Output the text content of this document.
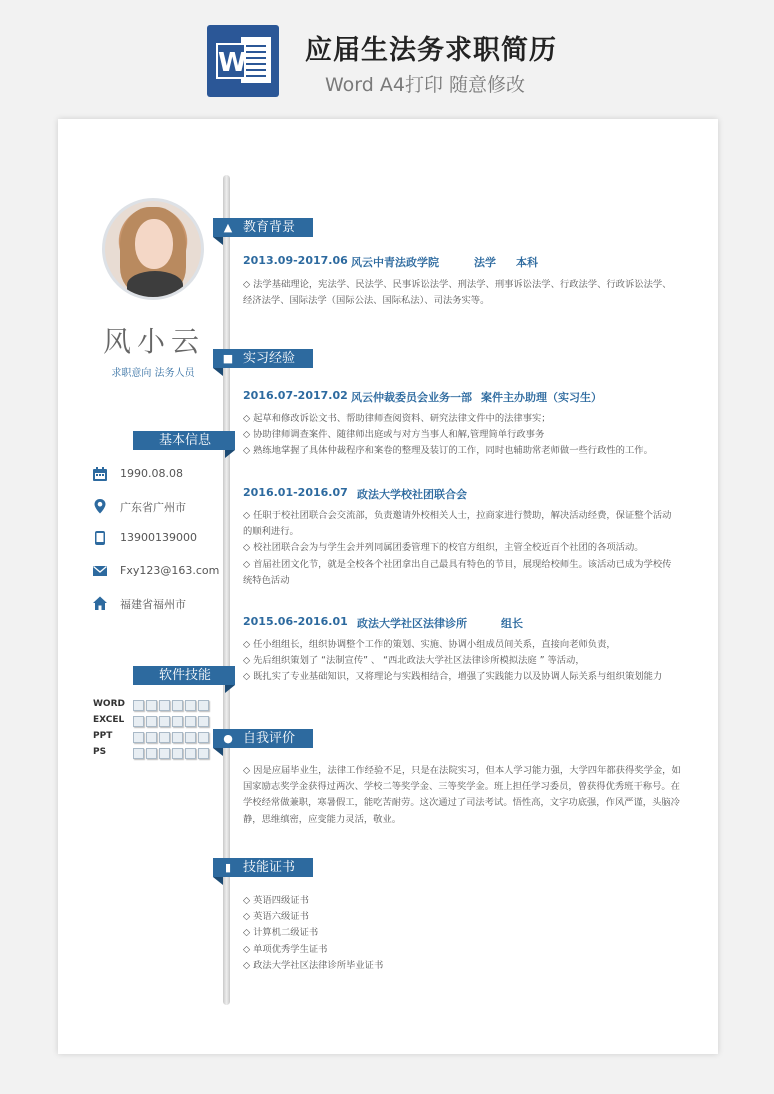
W 应届生法务求职简历
Word A4打印 随意修改
风小云
求职意向 法务人员
基本信息
1990.08.08
广东省广州市
13900139000
Fxy123@163.com
福建省福州市
软件技能
WORD
EXCEL
PPT
PS
▲ 教育背景
2013.09-2017.06 风云中青法政学院	法学 本科

◇ 法学基础理论，宪法学、民法学、民事诉讼法学、刑法学、刑事诉讼法学、行政法学、行政诉讼法学、

经济法学、国际法学（国际公法、国际私法）、司法务实等。

■ 实习经验
2016.07-2017.02 风云仲裁委员会业务一部 案件主办助理（实习生）

◇ 起草和修改诉讼文书、帮助律师查阅资料、研究法律文件中的法律事实；

◇ 协助律师调查案件、随律师出庭或与对方当事人和解,管理简单行政事务

◇ 熟练地掌握了具体仲裁程序和案卷的整理及装订的工作，同时也辅助常老师做一些行政性的工作。

2016.01-2016.07 政法大学校社团联合会

◇ 任职于校社团联合会交流部，负责邀请外校相关人士，拉商家进行赞助，解决活动经费，保证整个活动

的顺利进行。

◇ 校社团联合会为与学生会并列同属团委管理下的校官方组织，主管全校近百个社团的各项活动。

◇ 首届社团文化节，就是全校各个社团拿出自己最具有特色的节目，展现给校师生。该活动已成为学校传

统特色活动

2015.06-2016.01 政法大学社区法律诊所	组长

◇ 任小组组长，组织协调整个工作的策划、实施、协调小组成员间关系，直接向老师负责，

◇ 先后组织策划了 “法制宣传” 、 “西北政法大学社区法律诊所模拟法庭 ” 等活动，

◇ 既扎实了专业基础知识，又将理论与实践相结合，增强了实践能力以及协调人际关系与组织策划能力

● 自我评价

◇ 因是应届毕业生，法律工作经验不足，只是在法院实习，但本人学习能力强，大学四年都获得奖学金，如

国家励志奖学金获得过两次、学校二等奖学金、三等奖学金。班上担任学习委员，曾获得优秀班干称号。在

学校经常做兼职，寒暑假工，能吃苦耐劳。这次通过了司法考试。悟性高，文字功底强，作风严谨，头脑冷

静，思维缜密，应变能力灵活，敬业。

▮ 技能证书

◇ 英语四级证书

◇ 英语六级证书

◇ 计算机二级证书

◇ 单项优秀学生证书

◇ 政法大学社区法律诊所毕业证书
